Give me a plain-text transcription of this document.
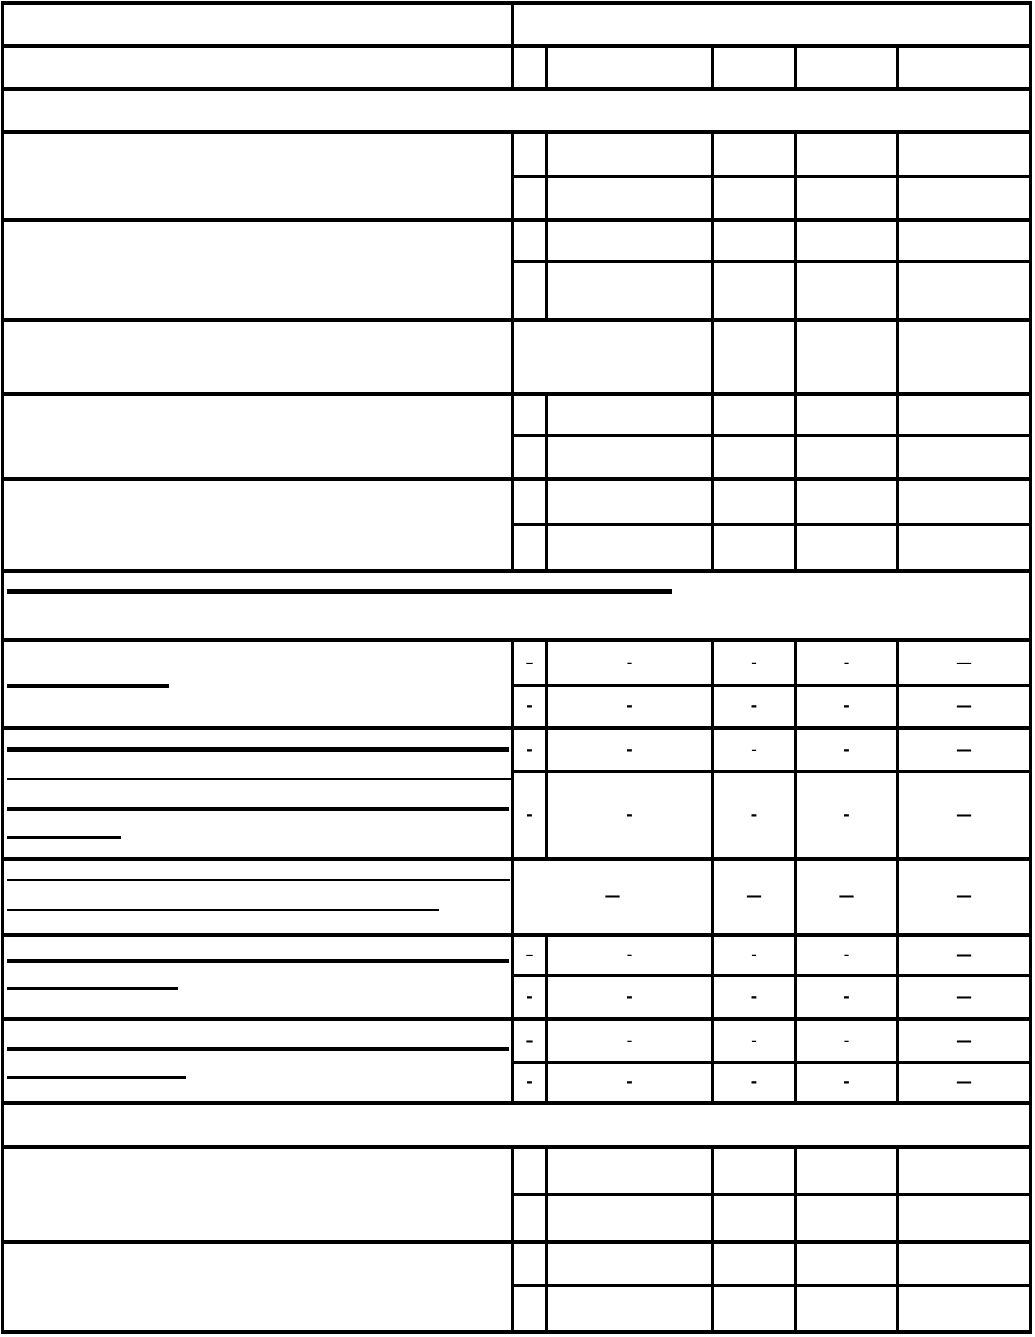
–	-	-	-	—
-	-	-	-	—
-	-	-	-	—
-	-	-	-	—
—	—	—	—
–	-	-	-	—
-	-	-	-	—
–	-	-	-	—
-	-	-	-	—
